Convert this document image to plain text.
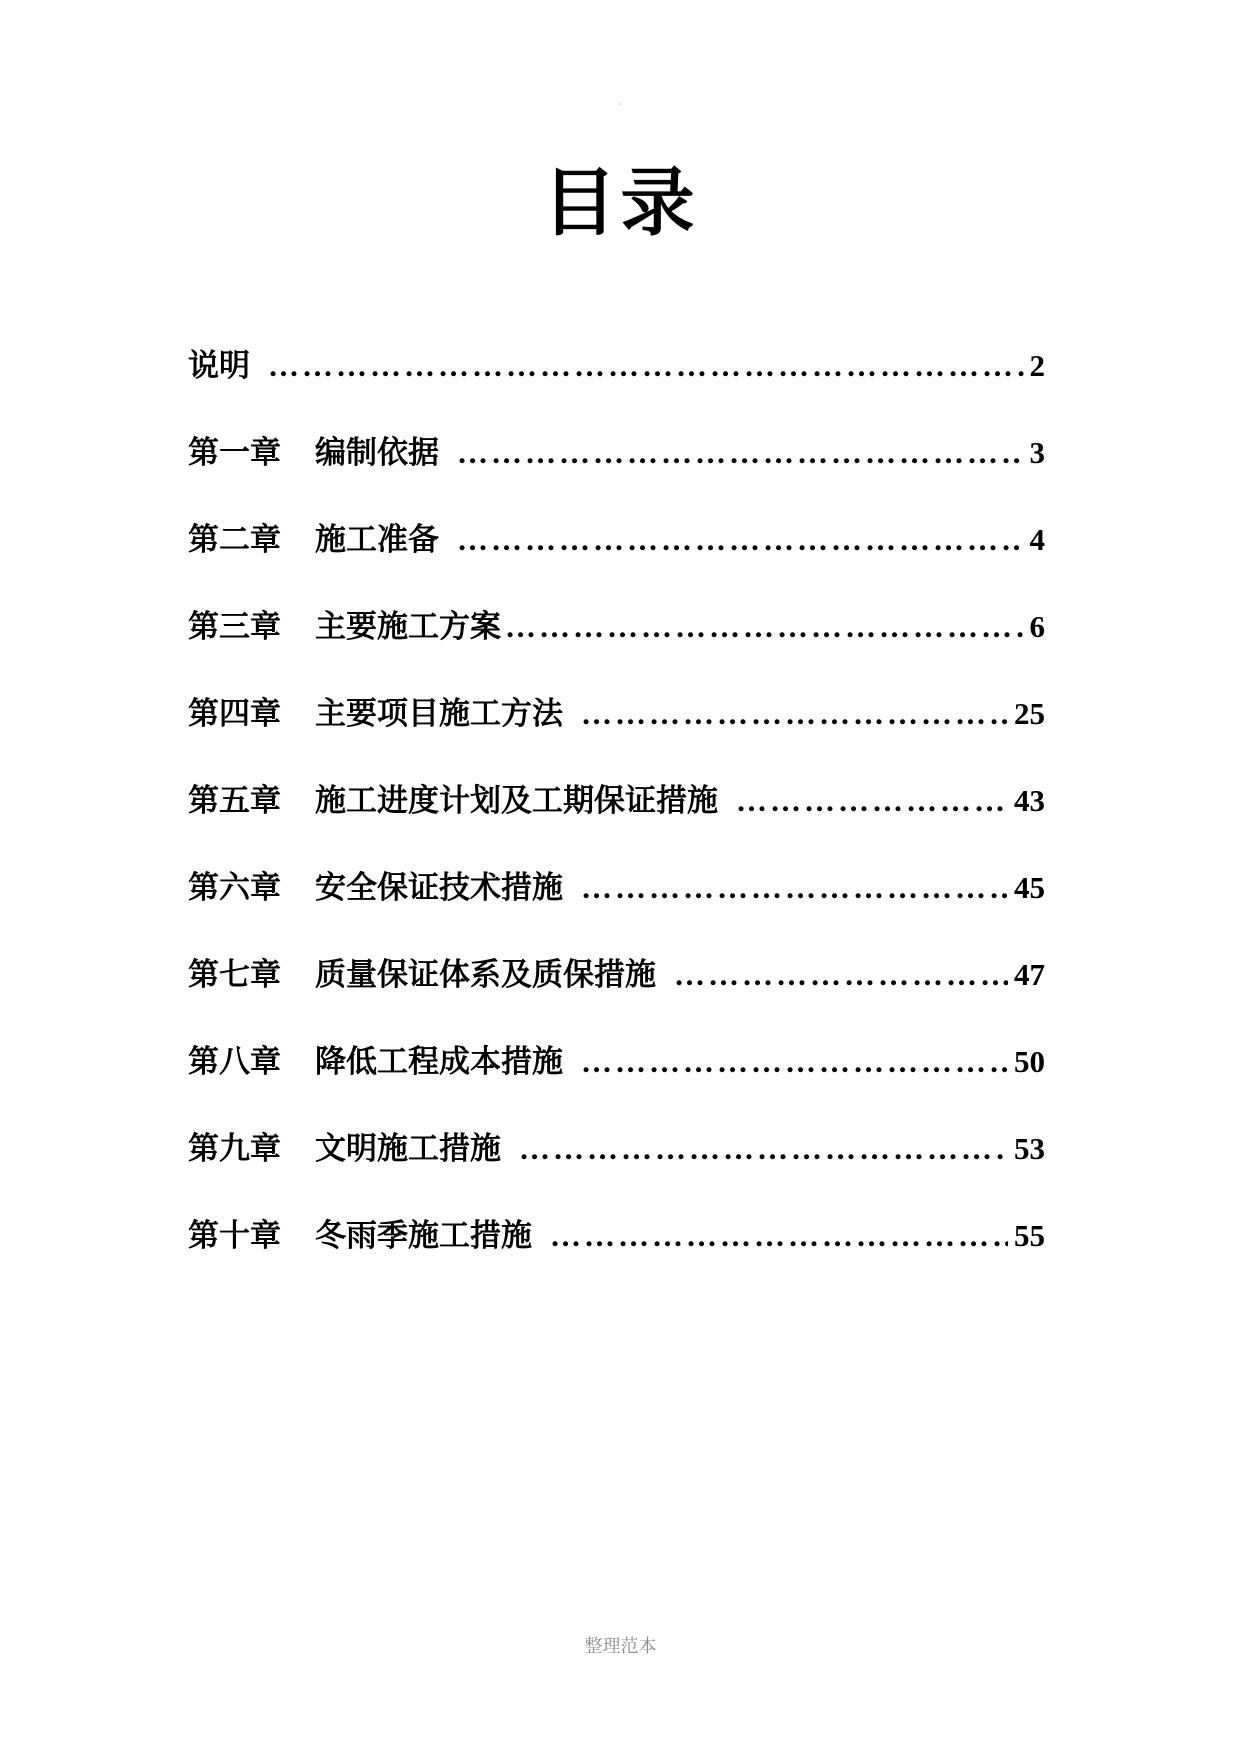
·
目录
说明 ……………………………………………………………………………………………………………………	2
第一章 编制依据 ……………………………………………………………………………………………………………………	3
第二章 施工准备 ……………………………………………………………………………………………………………………	4
第三章 主要施工方案 ……………………………………………………………………………………………………………………	6
第四章 主要项目施工方法 ……………………………………………………………………………………………………………………	25
第五章 施工进度计划及工期保证措施 ……………………………………………………………………………………………………………………	43
第六章 安全保证技术措施 ……………………………………………………………………………………………………………………	45
第七章 质量保证体系及质保措施 ……………………………………………………………………………………………………………………	47
第八章 降低工程成本措施 ……………………………………………………………………………………………………………………	50
第九章 文明施工措施 ……………………………………………………………………………………………………………………	53
第十章 冬雨季施工措施 ……………………………………………………………………………………………………………………	55
整理范本
